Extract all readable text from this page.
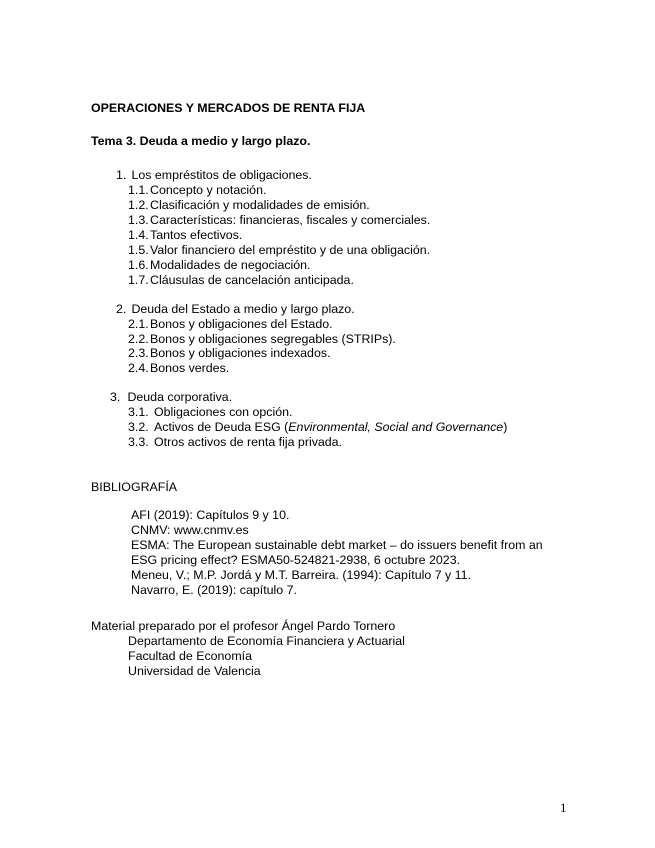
OPERACIONES Y MERCADOS DE RENTA FIJA
Tema 3. Deuda a medio y largo plazo.
1. Los empréstitos de obligaciones.
1.1.Concepto y notación.
1.2.Clasificación y modalidades de emisión.
1.3.Características: financieras, fiscales y comerciales.
1.4.Tantos efectivos.
1.5.Valor financiero del empréstito y de una obligación.
1.6.Modalidades de negociación.
1.7.Cláusulas de cancelación anticipada.
2. Deuda del Estado a medio y largo plazo.
2.1.Bonos y obligaciones del Estado.
2.2.Bonos y obligaciones segregables (STRIPs).
2.3.Bonos y obligaciones indexados.
2.4.Bonos verdes.
3. Deuda corporativa.
3.1. Obligaciones con opción.
3.2. Activos de Deuda ESG (Environmental, Social and Governance)
3.3. Otros activos de renta fija privada.
BIBLIOGRAFÍA
AFI (2019): Capítulos 9 y 10.
CNMV: www.cnmv.es
ESMA: The European sustainable debt market – do issuers benefit from an
ESG pricing effect? ESMA50-524821-2938, 6 octubre 2023.
Meneu, V.; M.P. Jordá y M.T. Barreira. (1994): Capítulo 7 y 11.
Navarro, E. (2019): capítulo 7.
Material preparado por el profesor Ángel Pardo Tornero
Departamento de Economía Financiera y Actuarial
Facultad de Economía
Universidad de Valencia
1
